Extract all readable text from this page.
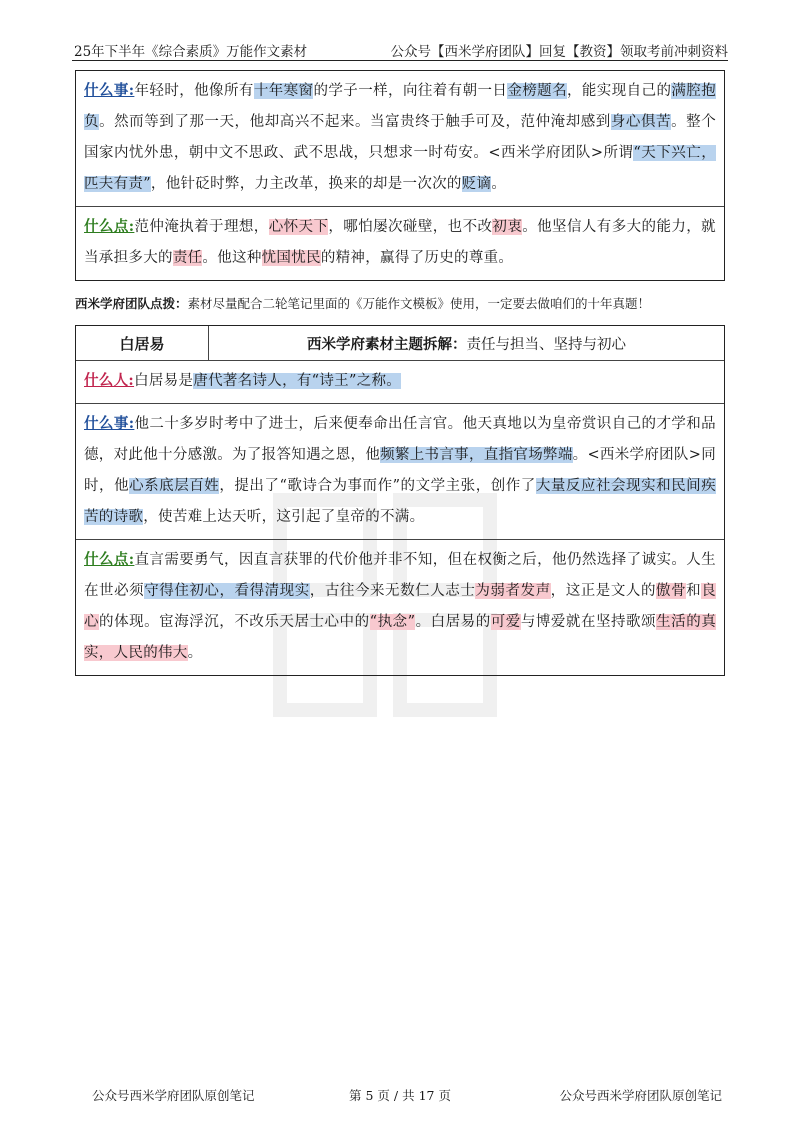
25年下半年《综合素质》万能作文素材	公众号【西米学府团队】回复【教资】领取考前冲刺资料
什么事:年轻时，他像所有十年寒窗的学子一样，向往着有朝一日金榜题名，能实现自己的满腔抱负。然而等到了那一天，他却高兴不起来。当富贵终于触手可及，范仲淹却感到身心俱苦。整个国家内忧外患，朝中文不思政、武不思战，只想求一时苟安。<西米学府团队>所谓“天下兴亡，匹夫有责”，他针砭时弊，力主改革，换来的却是一次次的贬谪。
什么点:范仲淹执着于理想，心怀天下，哪怕屡次碰壁，也不改初衷。他坚信人有多大的能力，就当承担多大的责任。他这种忧国忧民的精神，赢得了历史的尊重。
西米学府团队点拨：素材尽量配合二轮笔记里面的《万能作文模板》使用，一定要去做咱们的十年真题！
白居易	西米学府素材主题拆解： 责任与担当、坚持与初心
什么人:白居易是唐代著名诗人，有“诗王”之称。
什么事:他二十多岁时考中了进士，后来便奉命出任言官。他天真地以为皇帝赏识自己的才学和品德，对此他十分感激。为了报答知遇之恩，他频繁上书言事，直指官场弊端。<西米学府团队>同时，他心系底层百姓，提出了“歌诗合为事而作”的文学主张，创作了大量反应社会现实和民间疾苦的诗歌，使苦难上达天听，这引起了皇帝的不满。
什么点:直言需要勇气，因直言获罪的代价他并非不知，但在权衡之后，他仍然选择了诚实。人生在世必须守得住初心，看得清现实，古往今来无数仁人志士为弱者发声，这正是文人的傲骨和良心的体现。宦海浮沉，不改乐天居士心中的“执念”。白居易的可爱与博爱就在坚持歌颂生活的真实，人民的伟大。
公众号西米学府团队原创笔记	第 5 页 / 共 17 页	公众号西米学府团队原创笔记
